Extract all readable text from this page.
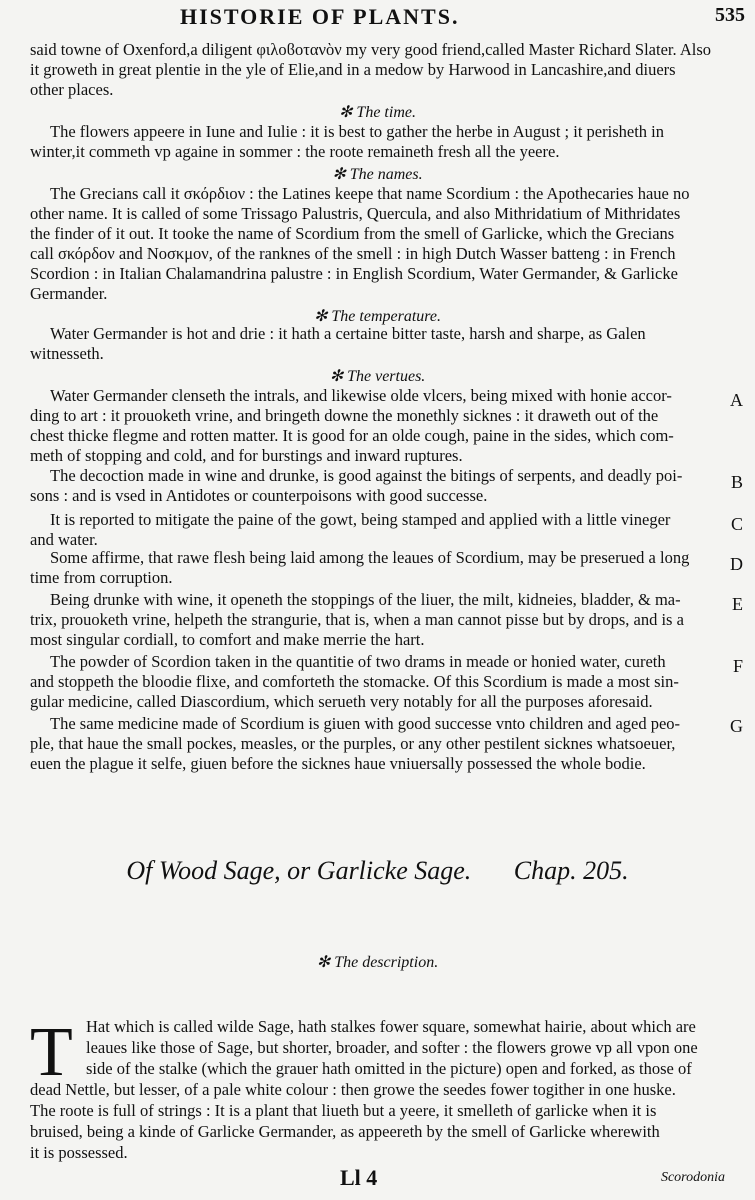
HISTORIE OF PLANTS.	535
said towne of Oxenford,a diligent φιλοϐοτανὸν my very good friend,called Master Richard Slater. Also
it groweth in great plentie in the yle of Elie,and in a medow by Harwood in Lancashire,and diuers
other places.
✻ The time.
The flowers appeere in Iune and Iulie : it is best to gather the herbe in August ; it perisheth in
winter,it commeth vp againe in sommer : the roote remaineth fresh all the yeere.
✻ The names.
The Grecians call it σκόρδιον : the Latines keepe that name Scordium : the Apothecaries haue no
other name. It is called of some Trissago Palustris, Quercula, and also Mithridatium of Mithridates
the finder of it out. It tooke the name of Scordium from the smell of Garlicke, which the Grecians
call σκόρδον and Νοσκμον, of the ranknes of the smell : in high Dutch Wasser batteng : in French
Scordion : in Italian Chalamandrina palustre : in English Scordium, Water Germander, & Garlicke
Germander.
✻ The temperature.
Water Germander is hot and drie : it hath a certaine bitter taste, harsh and sharpe, as Galen
witnesseth.
✻ The vertues.
Water Germander clenseth the intrals, and likewise olde vlcers, being mixed with honie accor-
ding to art : it prouoketh vrine, and bringeth downe the monethly sicknes : it draweth out of the
chest thicke flegme and rotten matter. It is good for an olde cough, paine in the sides, which com-
meth of stopping and cold, and for burstings and inward ruptures.
A
The decoction made in wine and drunke, is good against the bitings of serpents, and deadly poi-
sons : and is vsed in Antidotes or counterpoisons with good successe.
B
It is reported to mitigate the paine of the gowt, being stamped and applied with a little vineger
and water.
C
Some affirme, that rawe flesh being laid among the leaues of Scordium, may be preserued a long
time from corruption.
D
Being drunke with wine, it openeth the stoppings of the liuer, the milt, kidneies, bladder, & ma-
trix, prouoketh vrine, helpeth the strangurie, that is, when a man cannot pisse but by drops, and is a
most singular cordiall, to comfort and make merrie the hart.
E
The powder of Scordion taken in the quantitie of two drams in meade or honied water, cureth
and stoppeth the bloodie flixe, and comforteth the stomacke. Of this Scordium is made a most sin-
gular medicine, called Diascordium, which serueth very notably for all the purposes aforesaid.
F
The same medicine made of Scordium is giuen with good successe vnto children and aged peo-
ple, that haue the small pockes, measles, or the purples, or any other pestilent sicknes whatsoeuer,
euen the plague it selfe, giuen before the sicknes haue vniuersally possessed the whole bodie.
G
Of Wood Sage, or Garlicke Sage. Chap. 205.
✻ The description.
T Hat which is called wilde Sage, hath stalkes fower square, somewhat hairie, about which are
leaues like those of Sage, but shorter, broader, and softer : the flowers growe vp all vpon one
side of the stalke (which the grauer hath omitted in the picture) open and forked, as those of
dead Nettle, but lesser, of a pale white colour : then growe the seedes fower togither in one huske.
The roote is full of strings : It is a plant that liueth but a yeere, it smelleth of garlicke when it is
bruised, being a kinde of Garlicke Germander, as appeereth by the smell of Garlicke wherewith
it is possessed.
Ll 4	Scorodonia
